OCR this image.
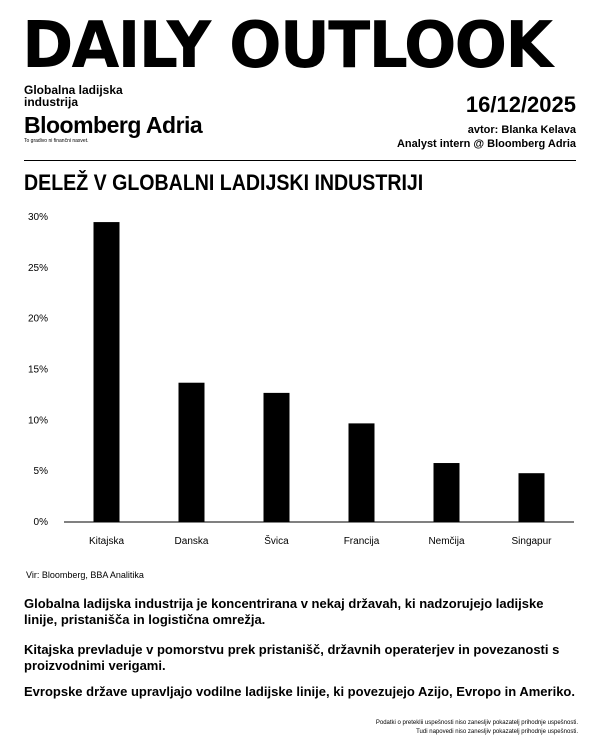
DAILY OUTLOOK
Globalna ladijska industrija
Bloomberg Adria
To gradivo ni finančni nasvet.
16/12/2025
avtor: Blanka Kelava
Analyst intern @ Bloomberg Adria
DELEŽ V GLOBALNI LADIJSKI INDUSTRIJI
0%
5%
10%
15%
20%
25%
30%
Kitajska	Danska	Švica	Francija	Nemčija	Singapur
Vir: Bloomberg, BBA Analitika

Globalna ladijska industrija je koncentrirana v nekaj državah, ki nadzorujejo ladijske linije, pristanišča in logistična omrežja.

Kitajska prevladuje v pomorstvu prek pristanišč, državnih operaterjev in povezanosti s proizvodnimi verigami.

Evropske države upravljajo vodilne ladijske linije, ki povezujejo Azijo, Evropo in Ameriko.

Podatki o preteklii uspešnosti niso zanesljiv pokazatelj prihodnje uspešnosti.
Tudi napovedi niso zanesljiv pokazatelj prihodnje uspešnosti.
